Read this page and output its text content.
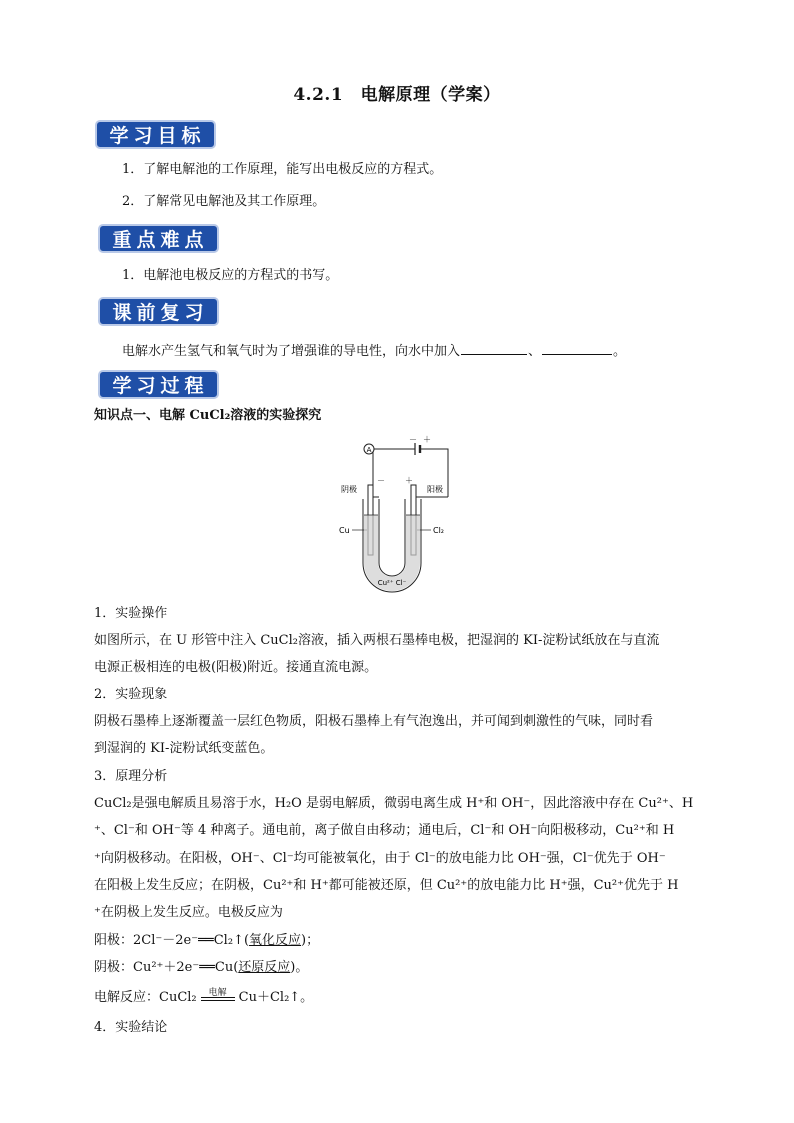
4.2.1　电解原理（学案）
学习目标
1．了解电解池的工作原理，能写出电极反应的方程式。
2．了解常见电解池及其工作原理。
重点难点
1．电解池电极反应的方程式的书写。
课前复习
电解水产生氢气和氧气时为了增强谁的导电性，向水中加入	、	。
学习过程
知识点一、电解 CuCl₂溶液的实验探究
A
－ ＋
阴极	阳极
－	＋
Cu	Cl₂
Cu²⁺ Cl⁻
1．实验操作
如图所示，在 U 形管中注入 CuCl₂溶液，插入两根石墨棒电极，把湿润的 KI-淀粉试纸放在与直流
电源正极相连的电极(阳极)附近。接通直流电源。
2．实验现象
阴极石墨棒上逐渐覆盖一层红色物质，阳极石墨棒上有气泡逸出，并可闻到刺激性的气味，同时看
到湿润的 KI-淀粉试纸变蓝色。
3．原理分析
CuCl₂是强电解质且易溶于水，H₂O 是弱电解质，微弱电离生成 H⁺和 OH⁻，因此溶液中存在 Cu²⁺、H
⁺、Cl⁻和 OH⁻等 4 种离子。通电前，离子做自由移动；通电后，Cl⁻和 OH⁻向阳极移动，Cu²⁺和 H
⁺向阴极移动。在阳极，OH⁻、Cl⁻均可能被氧化，由于 Cl⁻的放电能力比 OH⁻强，Cl⁻优先于 OH⁻
在阳极上发生反应；在阴极，Cu²⁺和 H⁺都可能被还原，但 Cu²⁺的放电能力比 H⁺强，Cu²⁺优先于 H
⁺在阴极上发生反应。电极反应为
阳极：2Cl⁻－2e⁻══Cl₂↑(氧化反应)；
阴极：Cu²⁺＋2e⁻══Cu(还原反应)。
电解反应：CuCl₂	电解 Cu＋Cl₂↑。
4．实验结论
